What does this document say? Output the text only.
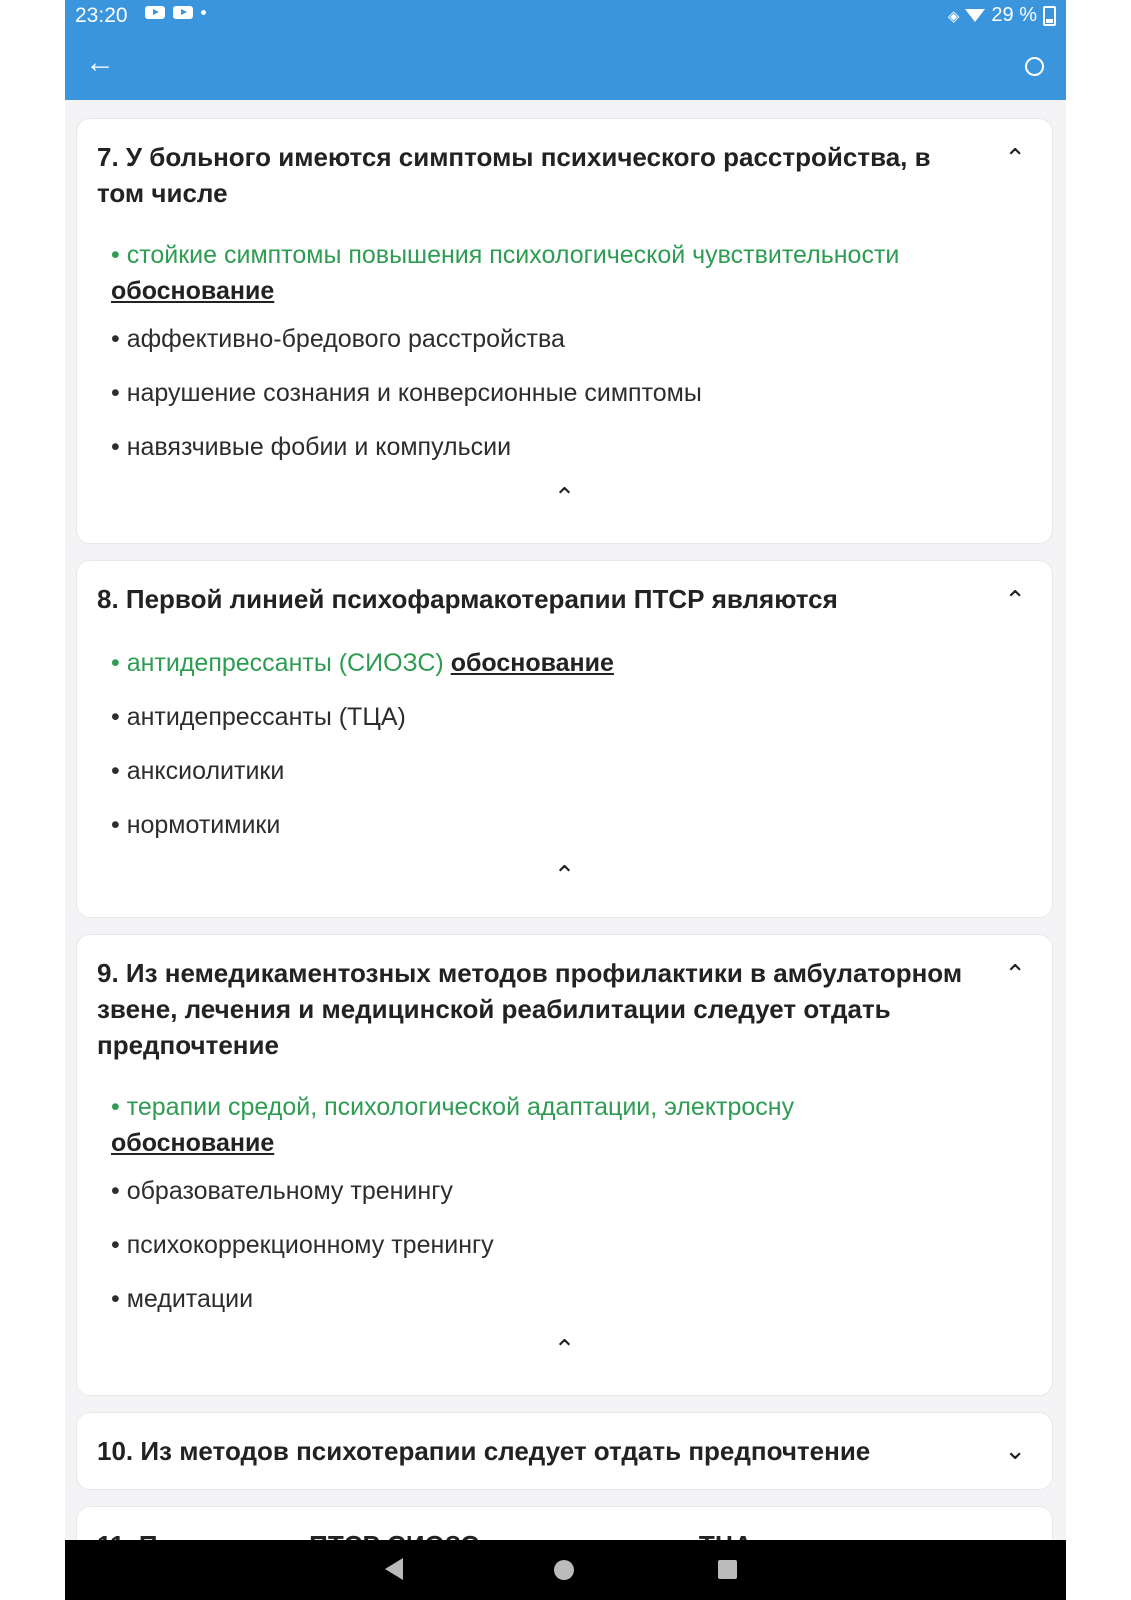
23:20	◈ 29 %
←
7. У больного имеются симптомы психического расстройства, в том числе
⌃
• стойкие симптомы повышения психологической чувствительности
обоснование
• аффективно-бредового расстройства
• нарушение сознания и конверсионные симптомы
• навязчивые фобии и компульсии
⌃
8. Первой линией психофармакотерапии ПТСР являются
⌃
• антидепрессанты (СИОЗС) обоснование
• антидепрессанты (ТЦА)
• анксиолитики
• нормотимики
⌃
9. Из немедикаментозных методов профилактики в амбулаторном звене, лечения и медицинской реабилитации следует отдать предпочтение
⌃
• терапии средой, психологической адаптации, электросну
обоснование
• образовательному тренингу
• психокоррекционному тренингу
• медитации
⌃
10. Из методов психотерапии следует отдать предпочтение
⌄
⌄
